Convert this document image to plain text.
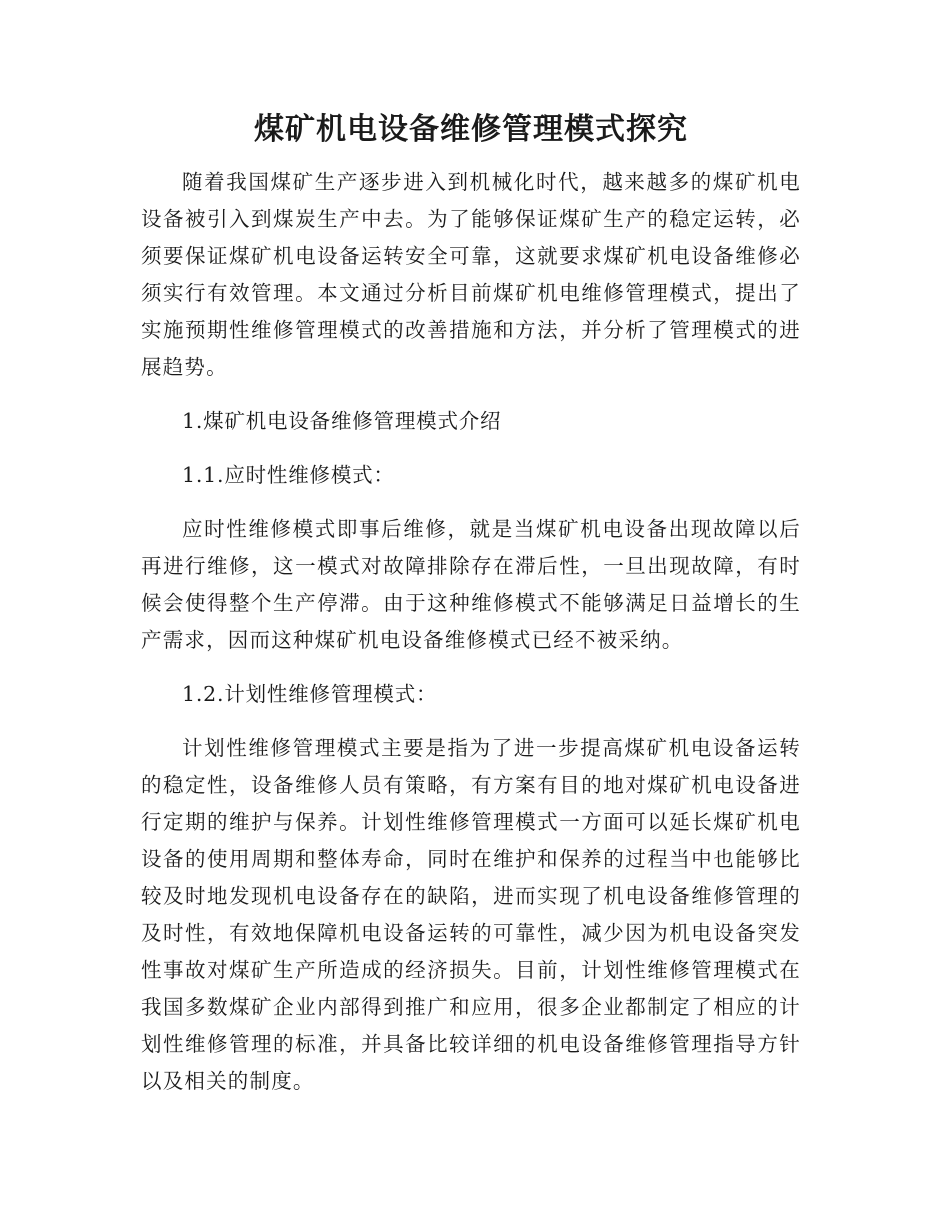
煤矿机电设备维修管理模式探究

随着我国煤矿生产逐步进入到机械化时代，越来越多的煤矿机电设备被引入到煤炭生产中去。为了能够保证煤矿生产的稳定运转，必须要保证煤矿机电设备运转安全可靠，这就要求煤矿机电设备维修必须实行有效管理。本文通过分析目前煤矿机电维修管理模式，提出了实施预期性维修管理模式的改善措施和方法，并分析了管理模式的进展趋势。

1.煤矿机电设备维修管理模式介绍

1.1.应时性维修模式：

应时性维修模式即事后维修，就是当煤矿机电设备出现故障以后再进行维修，这一模式对故障排除存在滞后性，一旦出现故障，有时候会使得整个生产停滞。由于这种维修模式不能够满足日益增长的生产需求，因而这种煤矿机电设备维修模式已经不被采纳。

1.2.计划性维修管理模式：

计划性维修管理模式主要是指为了进一步提高煤矿机电设备运转的稳定性，设备维修人员有策略，有方案有目的地对煤矿机电设备进行定期的维护与保养。计划性维修管理模式一方面可以延长煤矿机电设备的使用周期和整体寿命，同时在维护和保养的过程当中也能够比较及时地发现机电设备存在的缺陷，进而实现了机电设备维修管理的及时性，有效地保障机电设备运转的可靠性，减少因为机电设备突发性事故对煤矿生产所造成的经济损失。目前，计划性维修管理模式在我国多数煤矿企业内部得到推广和应用，很多企业都制定了相应的计划性维修管理的标准，并具备比较详细的机电设备维修管理指导方针以及相关的制度。
